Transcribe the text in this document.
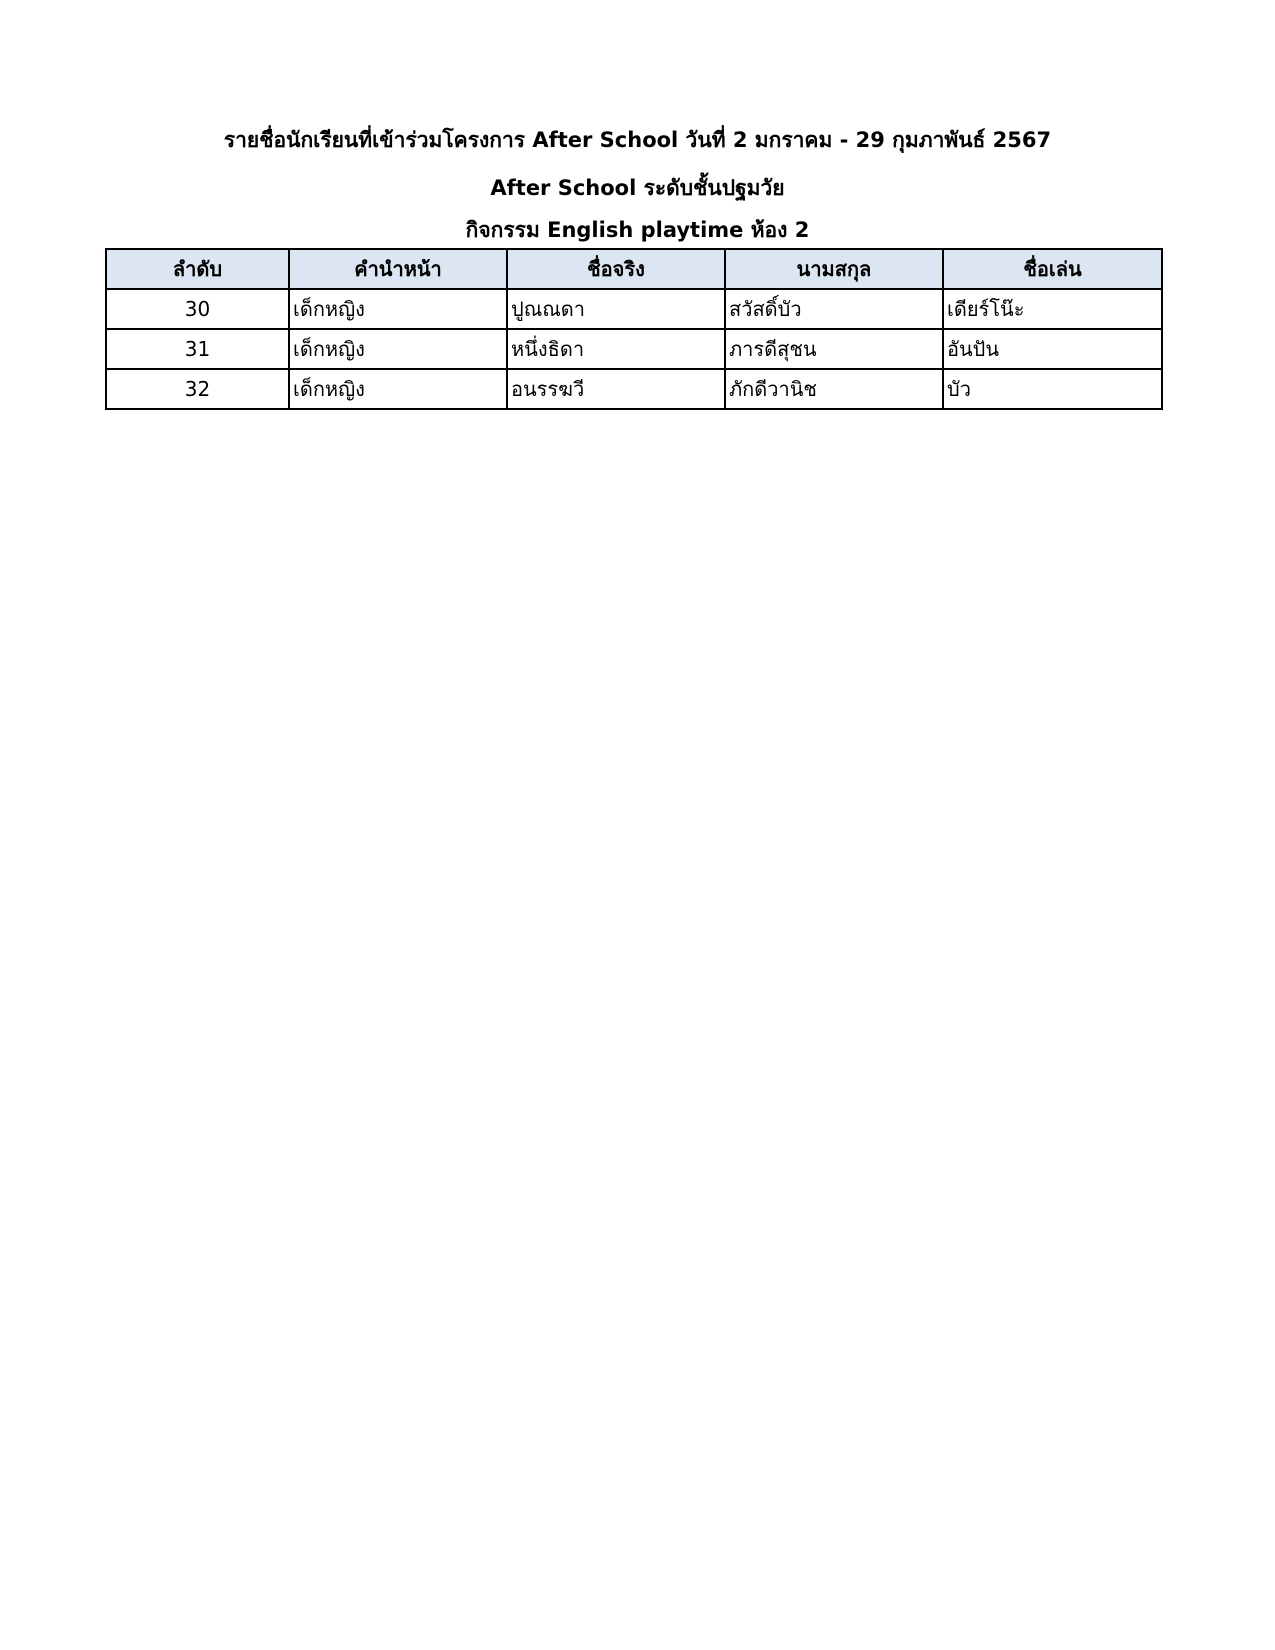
รายชื่อนักเรียนที่เข้าร่วมโครงการ After School วันที่ 2 มกราคม - 29 กุมภาพันธ์ 2567
After School ระดับชั้นปฐมวัย
กิจกรรม English playtime ห้อง 2
ลำดับ	คำนำหน้า	ชื่อจริง	นามสกุล	ชื่อเล่น
30	เด็กหญิง	ปูณณดา	สวัสดิ์บัว	เดียร์โน๊ะ
31	เด็กหญิง	หนึ่งธิดา	ภารดีสุชน	อันปัน
32	เด็กหญิง	อนรรฆวี	ภักดีวานิช	บัว
